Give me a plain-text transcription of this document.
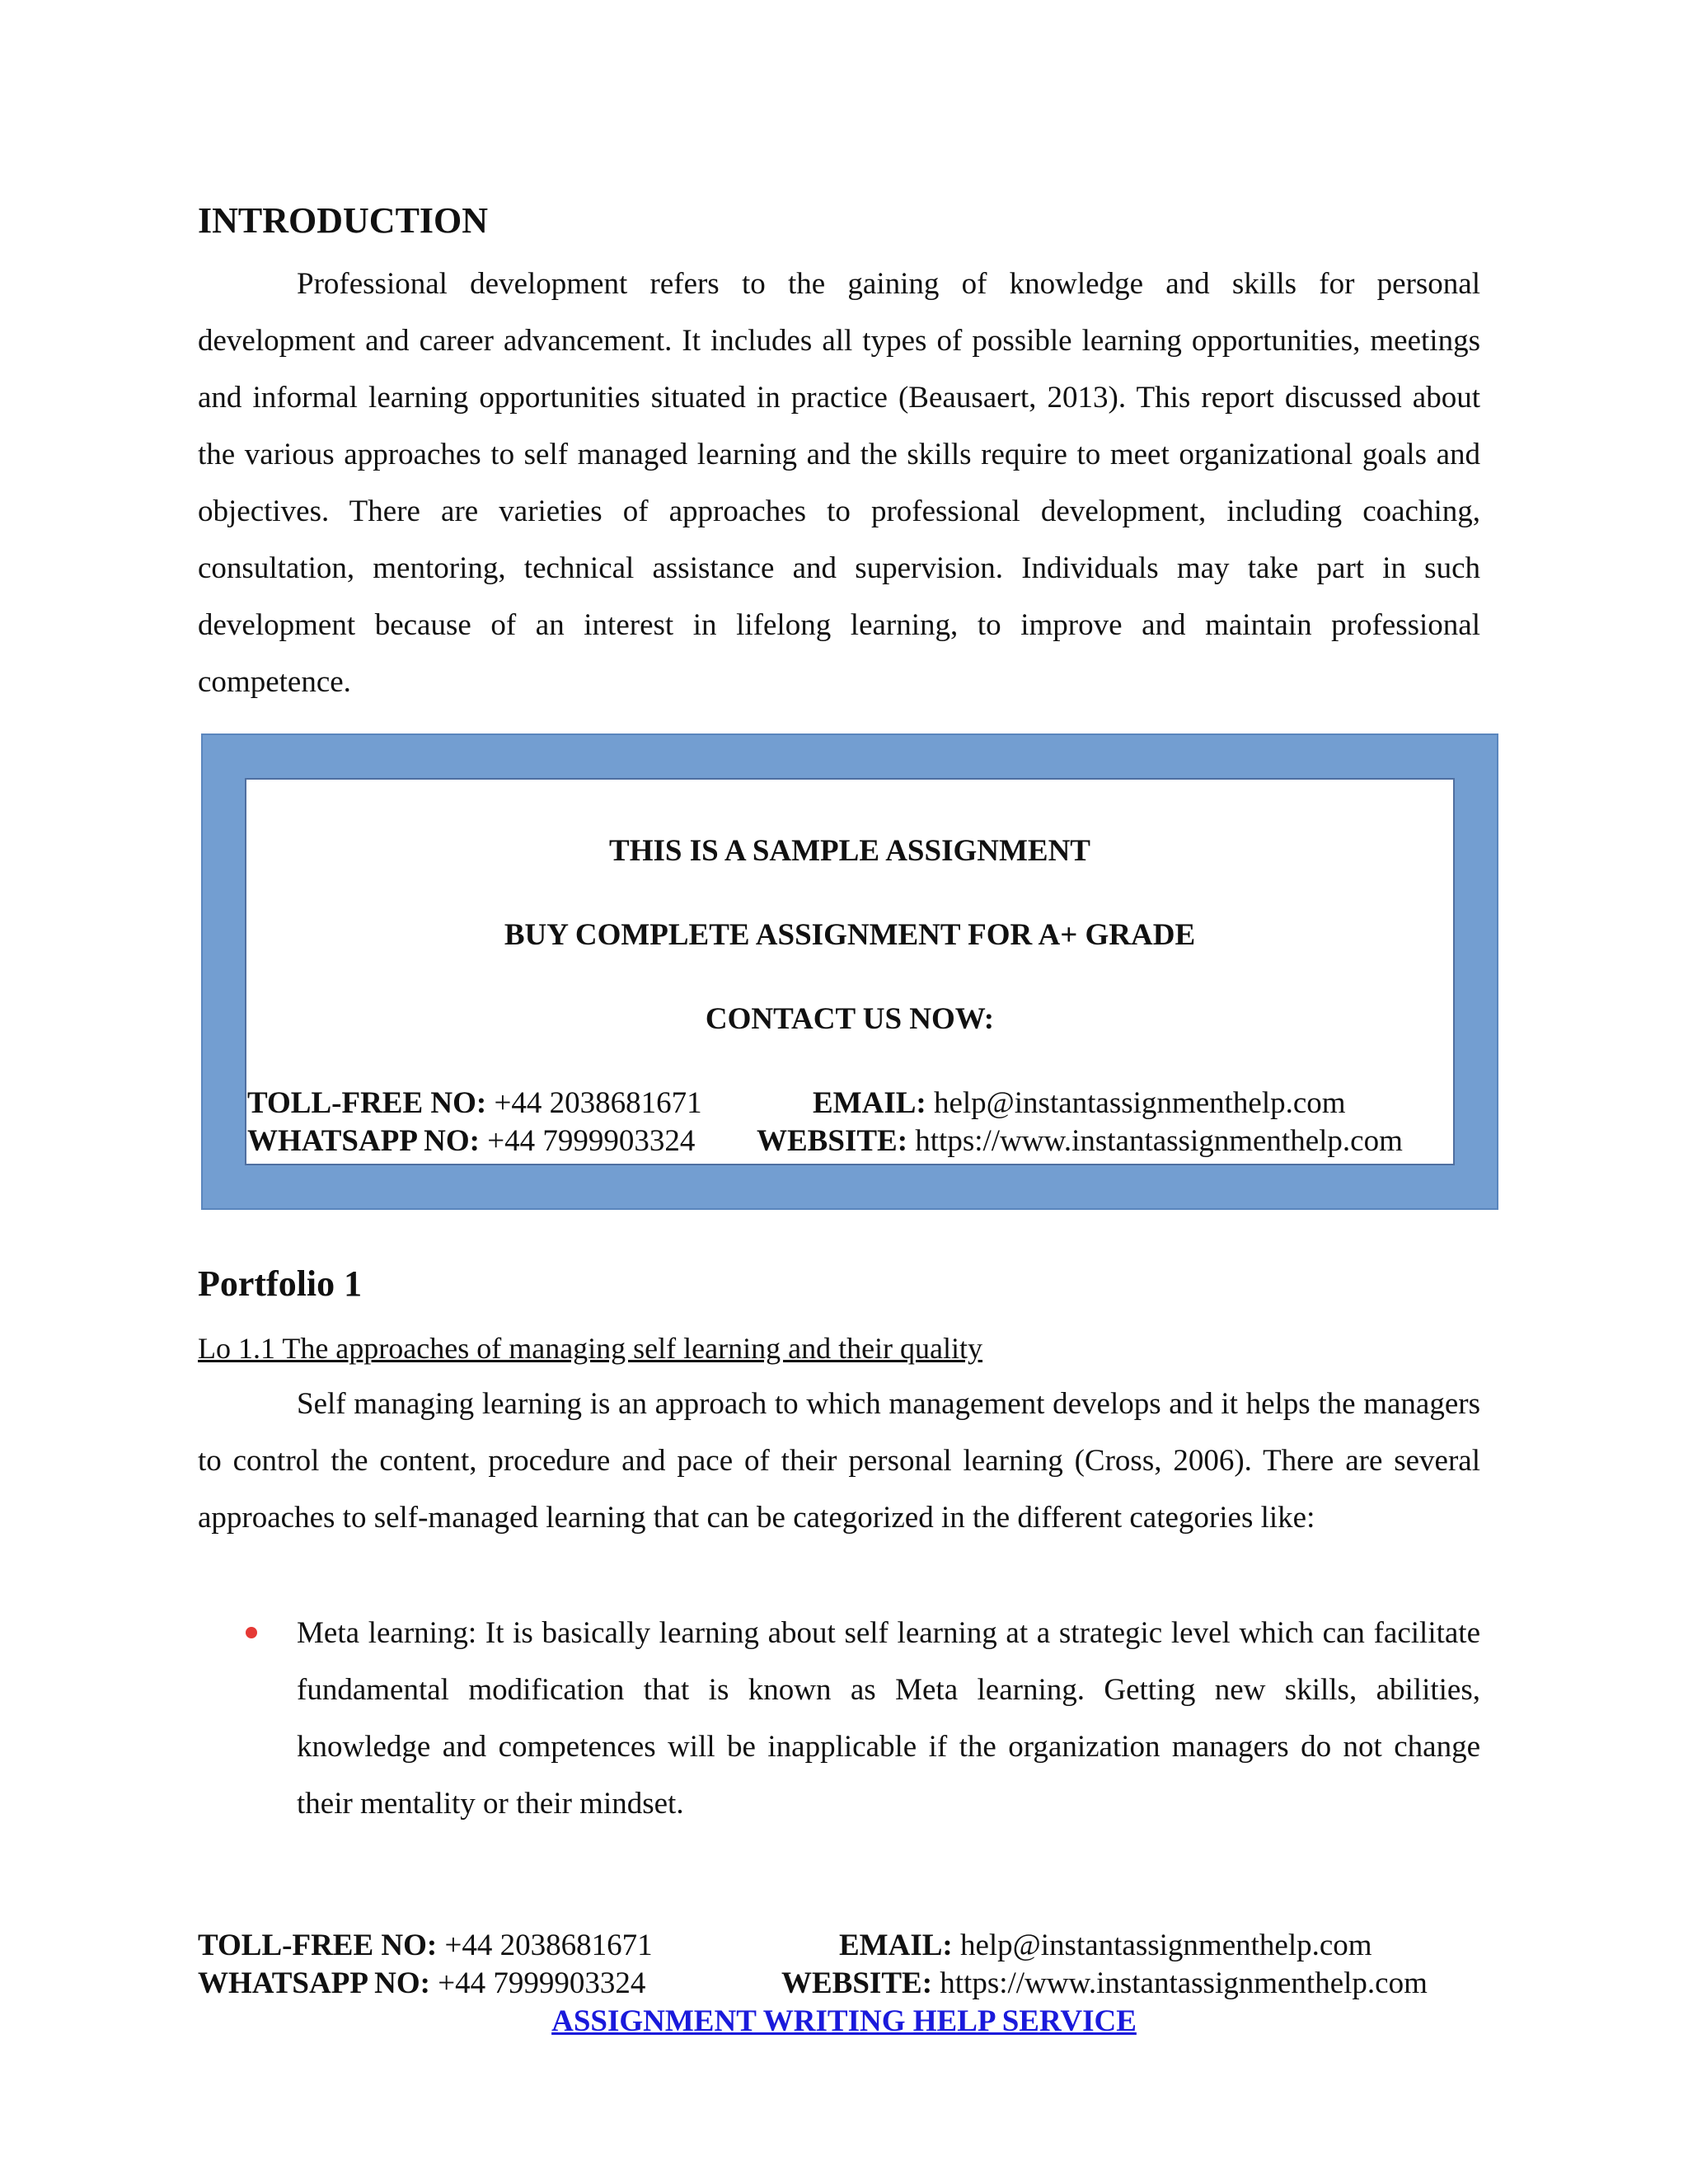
INTRODUCTION

Professional development refers to the gaining of knowledge and skills for personal development and career advancement. It includes all types of possible learning opportunities, meetings and informal learning opportunities situated in practice (Beausaert, 2013). This report discussed about the various approaches to self managed learning and the skills require to meet organizational goals and objectives. There are varieties of approaches to professional development, including coaching, consultation, mentoring, technical assistance and supervision. Individuals may take part in such development because of an interest in lifelong learning, to improve and maintain professional competence.

THIS IS A SAMPLE ASSIGNMENT
BUY COMPLETE ASSIGNMENT FOR A+ GRADE
CONTACT US NOW:
TOLL-FREE NO: +44 2038681671	EMAIL: help@instantassignmenthelp.com
WHATSAPP NO: +44 7999903324 WEBSITE: https://www.instantassignmenthelp.com
Portfolio 1
Lo 1.1 The approaches of managing self learning and their quality

Self managing learning is an approach to which management develops and it helps the managers to control the content, procedure and pace of their personal learning (Cross, 2006). There are several approaches to self-managed learning that can be categorized in the different categories like:

Meta learning: It is basically learning about self learning at a strategic level which can facilitate fundamental modification that is known as Meta learning. Getting new skills, abilities, knowledge and competences will be inapplicable if the organization managers do not change their mentality or their mindset.

TOLL-FREE NO: +44 2038681671	EMAIL: help@instantassignmenthelp.com
WHATSAPP NO: +44 7999903324	WEBSITE: https://www.instantassignmenthelp.com
ASSIGNMENT WRITING HELP SERVICE
